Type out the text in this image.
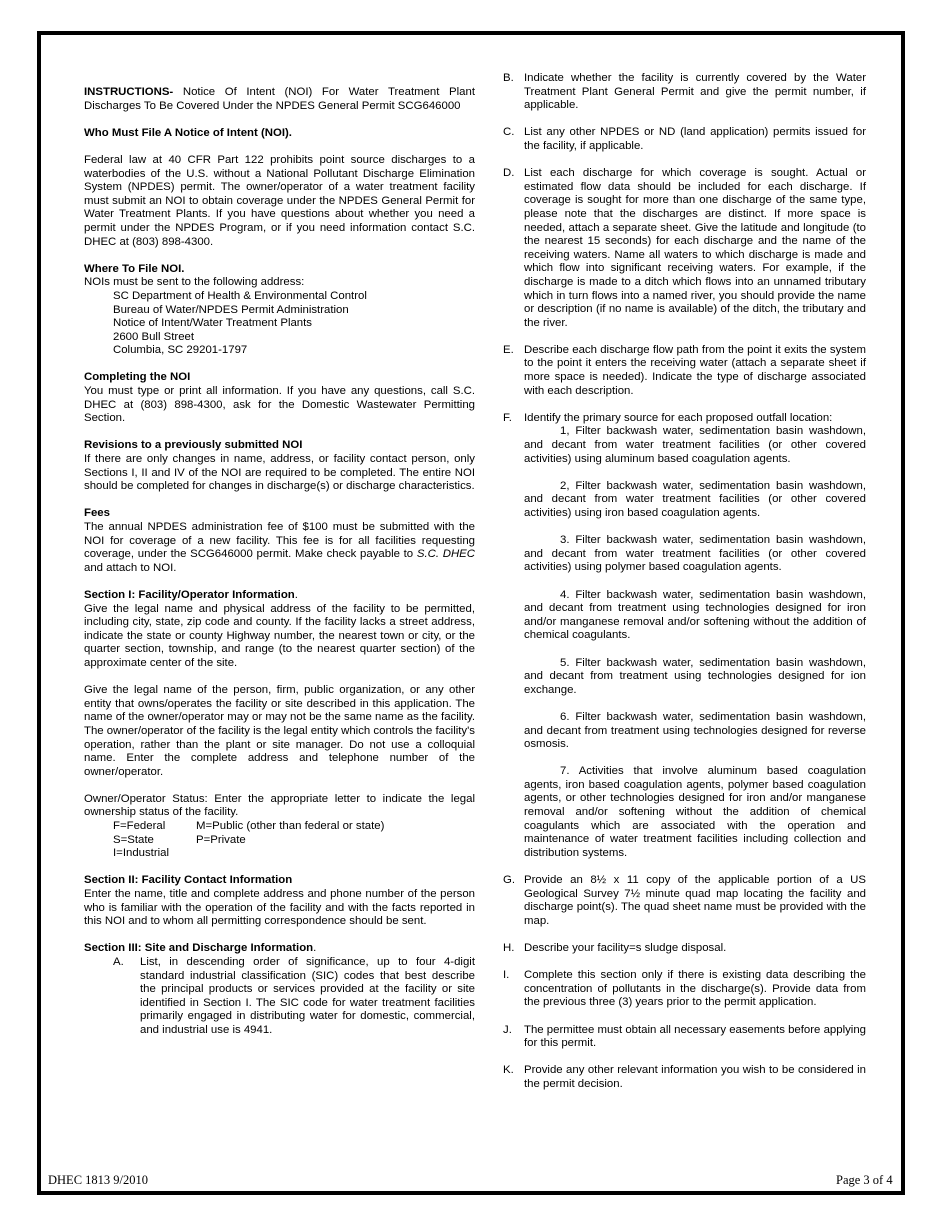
INSTRUCTIONS- Notice Of Intent (NOI) For Water Treatment Plant Discharges To Be Covered Under the NPDES General Permit SCG646000

Who Must File A Notice of Intent (NOI).

Federal law at 40 CFR Part 122 prohibits point source discharges to a waterbodies of the U.S. without a National Pollutant Discharge Elimination System (NPDES) permit. The owner/operator of a water treatment facility must submit an NOI to obtain coverage under the NPDES General Permit for Water Treatment Plants. If you have questions about whether you need a permit under the NPDES Program, or if you need information contact S.C. DHEC at (803) 898-4300.

Where To File NOI.

NOIs must be sent to the following address:

SC Department of Health & Environmental Control
Bureau of Water/NPDES Permit Administration
Notice of Intent/Water Treatment Plants
2600 Bull Street
Columbia, SC 29201-1797

Completing the NOI

You must type or print all information. If you have any questions, call S.C. DHEC at (803) 898-4300, ask for the Domestic Wastewater Permitting Section.

Revisions to a previously submitted NOI

If there are only changes in name, address, or facility contact person, only Sections I, II and IV of the NOI are required to be completed. The entire NOI should be completed for changes in discharge(s) or discharge characteristics.

Fees

The annual NPDES administration fee of $100 must be submitted with the NOI for coverage of a new facility. This fee is for all facilities requesting coverage, under the SCG646000 permit. Make check payable to S.C. DHEC and attach to NOI.

Section I: Facility/Operator Information.

Give the legal name and physical address of the facility to be permitted, including city, state, zip code and county. If the facility lacks a street address, indicate the state or county Highway number, the nearest town or city, or the quarter section, township, and range (to the nearest quarter section) of the approximate center of the site.

Give the legal name of the person, firm, public organization, or any other entity that owns/operates the facility or site described in this application. The name of the owner/operator may or may not be the same name as the facility. The owner/operator of the facility is the legal entity which controls the facility's operation, rather than the plant or site manager. Do not use a colloquial name. Enter the complete address and telephone number of the owner/operator.

Owner/Operator Status: Enter the appropriate letter to indicate the legal ownership status of the facility.

F=Federal	M=Public (other than federal or state)
S=State	P=Private
I=Industrial

Section II: Facility Contact Information

Enter the name, title and complete address and phone number of the person who is familiar with the operation of the facility and with the facts reported in this NOI and to whom all permitting correspondence should be sent.

Section III: Site and Discharge Information.

A.	List, in descending order of significance, up to four 4-digit standard industrial classification (SIC) codes that best describe the principal products or services provided at the facility or site identified in Section I. The SIC code for water treatment facilities primarily engaged in distributing water for domestic, commercial, and industrial use is 4941.
B. Indicate whether the facility is currently covered by the Water Treatment Plant General Permit and give the permit number, if applicable.
C. List any other NPDES or ND (land application) permits issued for the facility, if applicable.
D. List each discharge for which coverage is sought. Actual or estimated flow data should be included for each discharge. If coverage is sought for more than one discharge of the same type, please note that the discharges are distinct. If more space is needed, attach a separate sheet. Give the latitude and longitude (to the nearest 15 seconds) for each discharge and the name of the receiving waters. Name all waters to which discharge is made and which flow into significant receiving waters. For example, if the discharge is made to a ditch which flows into an unnamed tributary which in turn flows into a named river, you should provide the name or description (if no name is available) of the ditch, the tributary and the river.
E. Describe each discharge flow path from the point it exits the system to the point it enters the receiving water (attach a separate sheet if more space is needed). Indicate the type of discharge associated with each description.
F.	Identify the primary source for each proposed outfall location:

1, Filter backwash water, sedimentation basin washdown, and decant from water treatment facilities (or other covered activities) using aluminum based coagulation agents.

2, Filter backwash water, sedimentation basin washdown, and decant from water treatment facilities (or other covered activities) using iron based coagulation agents.

3. Filter backwash water, sedimentation basin washdown, and decant from water treatment facilities (or other covered activities) using polymer based coagulation agents.

4. Filter backwash water, sedimentation basin washdown, and decant from treatment using technologies designed for iron and/or manganese removal and/or softening without the addition of chemical coagulants.

5. Filter backwash water, sedimentation basin washdown, and decant from treatment using technologies designed for ion exchange.

6. Filter backwash water, sedimentation basin washdown, and decant from treatment using technologies designed for reverse osmosis.

7. Activities that involve aluminum based coagulation agents, iron based coagulation agents, polymer based coagulation agents, or other technologies designed for iron and/or manganese removal and/or softening without the addition of chemical coagulants which are associated with the operation and maintenance of water treatment facilities including collection and distribution systems.

G. Provide an 8½ x 11 copy of the applicable portion of a US Geological Survey 7½ minute quad map locating the facility and discharge point(s). The quad sheet name must be provided with the map.
H. Describe your facility=s sludge disposal.
I.	Complete this section only if there is existing data describing the concentration of pollutants in the discharge(s). Provide data from the previous three (3) years prior to the permit application.
J.	The permittee must obtain all necessary easements before applying for this permit.
K. Provide any other relevant information you wish to be considered in the permit decision.
DHEC 1813 9/2010	Page 3 of 4
